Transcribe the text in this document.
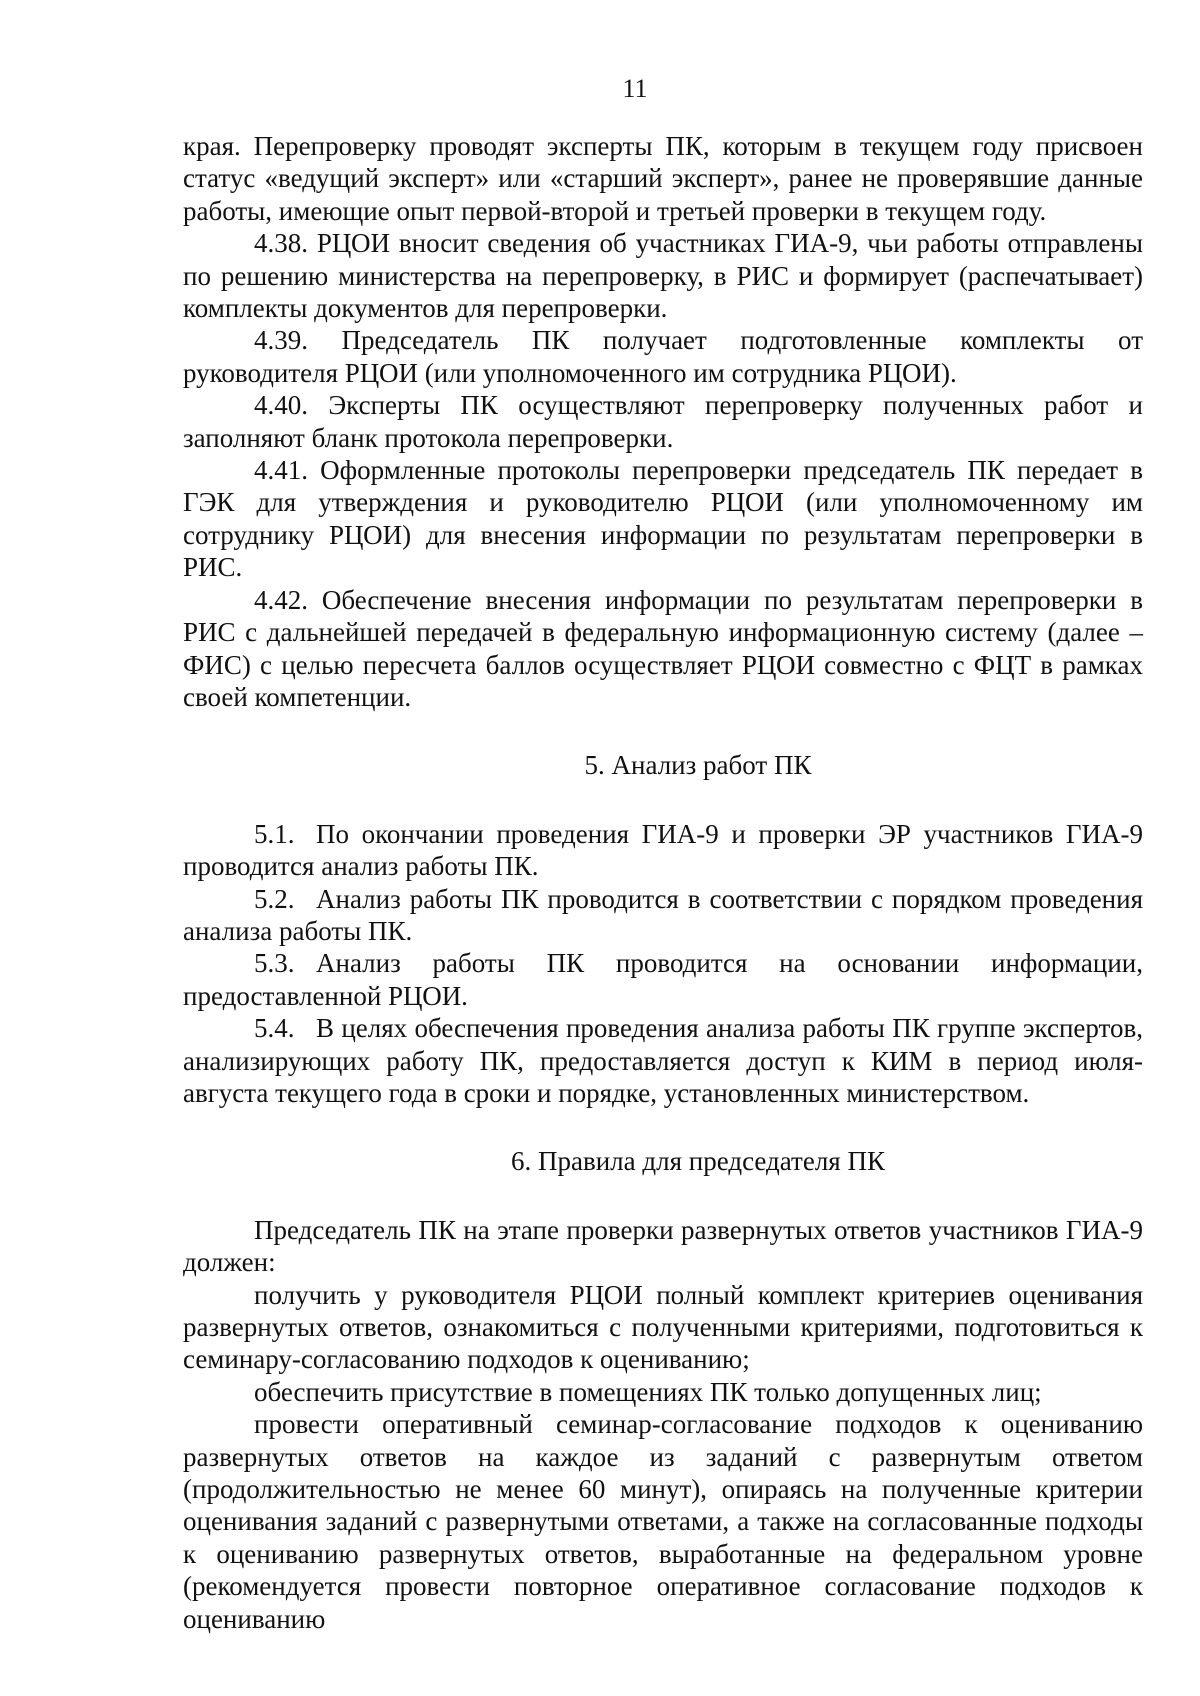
11

края. Перепроверку проводят эксперты ПК, которым в текущем году присвоен статус «ведущий эксперт» или «старший эксперт», ранее не проверявшие данные работы, имеющие опыт первой-второй и третьей проверки в текущем году.

4.38. РЦОИ вносит сведения об участниках ГИА-9, чьи работы отправлены по решению министерства на перепроверку, в РИС и формирует (распечатывает) комплекты документов для перепроверки.

4.39. Председатель ПК получает подготовленные комплекты от руководителя РЦОИ (или уполномоченного им сотрудника РЦОИ).

4.40. Эксперты ПК осуществляют перепроверку полученных работ и заполняют бланк протокола перепроверки.

4.41. Оформленные протоколы перепроверки председатель ПК передает в ГЭК для утверждения и руководителю РЦОИ (или уполномоченному им сотруднику РЦОИ) для внесения информации по результатам перепроверки в РИС.

4.42. Обеспечение внесения информации по результатам перепроверки в РИС с дальнейшей передачей в федеральную информационную систему (далее – ФИС) с целью пересчета баллов осуществляет РЦОИ совместно с ФЦТ в рамках своей компетенции.

5. Анализ работ ПК

5.1. По окончании проведения ГИА-9 и проверки ЭР участников ГИА-9 проводится анализ работы ПК.

5.2. Анализ работы ПК проводится в соответствии с порядком проведения анализа работы ПК.

5.3. Анализ работы ПК проводится на основании информации, предоставленной РЦОИ.

5.4. В целях обеспечения проведения анализа работы ПК группе экспертов, анализирующих работу ПК, предоставляется доступ к КИМ в период июля-августа текущего года в сроки и порядке, установленных министерством.

6. Правила для председателя ПК

Председатель ПК на этапе проверки развернутых ответов участников ГИА-9 должен:

получить у руководителя РЦОИ полный комплект критериев оценивания развернутых ответов, ознакомиться с полученными критериями, подготовиться к семинару-согласованию подходов к оцениванию;

обеспечить присутствие в помещениях ПК только допущенных лиц;

провести оперативный семинар-согласование подходов к оцениванию развернутых ответов на каждое из заданий с развернутым ответом (продолжительностью не менее 60 минут), опираясь на полученные критерии оценивания заданий с развернутыми ответами, а также на согласованные подходы к оцениванию развернутых ответов, выработанные на федеральном уровне (рекомендуется провести повторное оперативное согласование подходов к оцениванию
